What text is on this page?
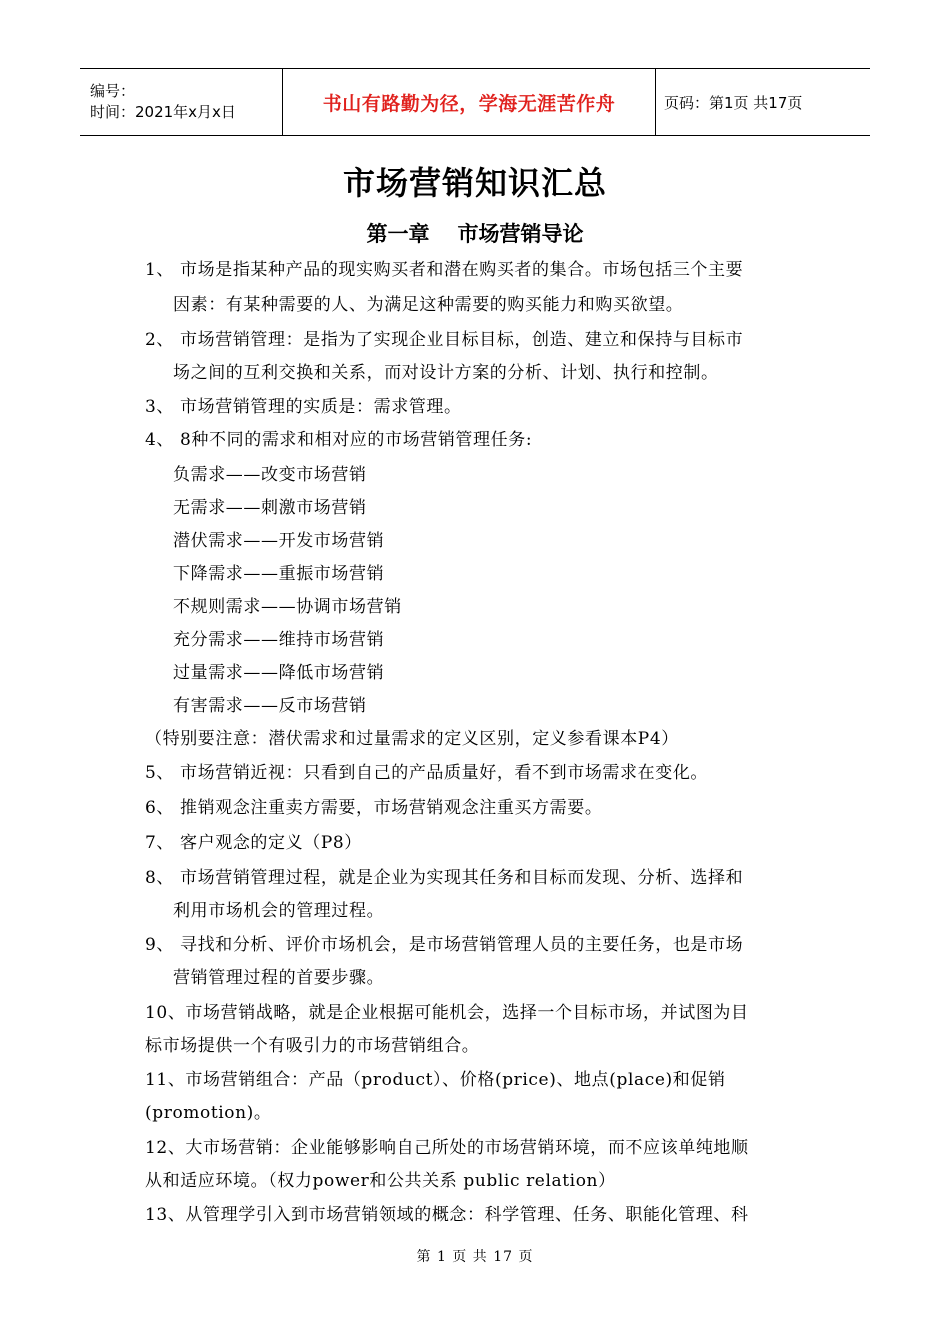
编号：
时间：2021年x月x日	书山有路勤为径，学海无涯苦作舟	页码：第1页 共17页
市场营销知识汇总
第一章 市场营销导论
1、 市场是指某种产品的现实购买者和潜在购买者的集合。市场包括三个主要
因素：有某种需要的人、为满足这种需要的购买能力和购买欲望。
2、 市场营销管理：是指为了实现企业目标目标，创造、建立和保持与目标市
场之间的互利交换和关系，而对设计方案的分析、计划、执行和控制。
3、 市场营销管理的实质是：需求管理。
4、 8种不同的需求和相对应的市场营销管理任务:
负需求——改变市场营销
无需求——刺激市场营销
潜伏需求——开发市场营销
下降需求——重振市场营销
不规则需求——协调市场营销
充分需求——维持市场营销
过量需求——降低市场营销
有害需求——反市场营销
（特别要注意：潜伏需求和过量需求的定义区别，定义参看课本P4）
5、 市场营销近视：只看到自己的产品质量好，看不到市场需求在变化。
6、 推销观念注重卖方需要，市场营销观念注重买方需要。
7、 客户观念的定义（P8）
8、 市场营销管理过程，就是企业为实现其任务和目标而发现、分析、选择和
利用市场机会的管理过程。
9、 寻找和分析、评价市场机会，是市场营销管理人员的主要任务，也是市场
营销管理过程的首要步骤。
10、市场营销战略，就是企业根据可能机会，选择一个目标市场，并试图为目
标市场提供一个有吸引力的市场营销组合。
11、市场营销组合：产品（product）、价格(price)、地点(place)和促销
(promotion)。
12、大市场营销：企业能够影响自己所处的市场营销环境，而不应该单纯地顺
从和适应环境。（权力power和公共关系 public relation）
13、从管理学引入到市场营销领域的概念：科学管理、任务、职能化管理、科
第 1 页 共 17 页
